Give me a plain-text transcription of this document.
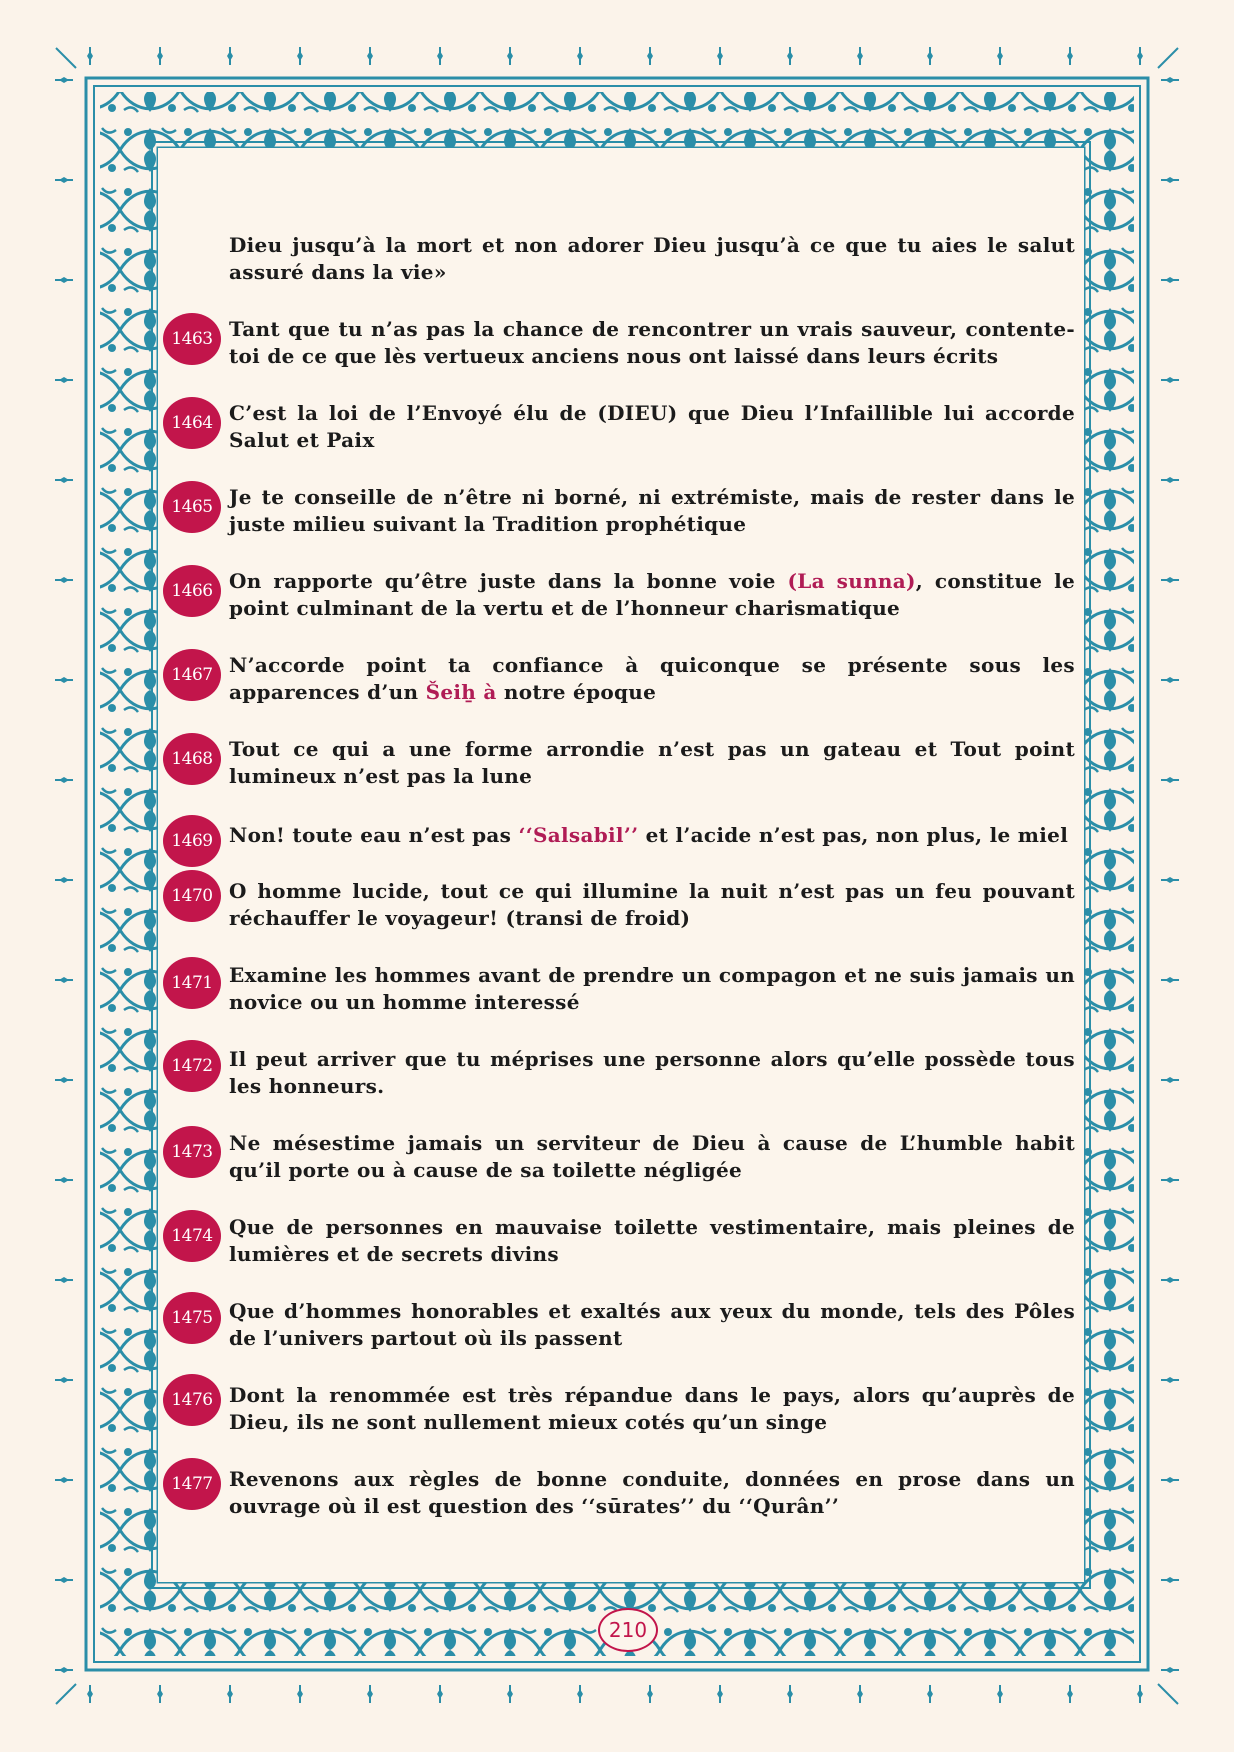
Dieu jusqu’à la mort et non adorer Dieu jusqu’à ce que tu aies le salut assuré dans la vie»
Tant que tu n’as pas la chance de rencontrer un vrais sauveur, contente-toi de ce que lès vertueux anciens nous ont laissé dans leurs écrits
C’est la loi de l’Envoyé élu de (DIEU) que Dieu l’Infaillible lui accorde Salut et Paix
Je te conseille de n’être ni borné, ni extrémiste, mais de rester dans le juste milieu suivant la Tradition prophétique
On rapporte qu’être juste dans la bonne voie (La sunna), constitue le point culminant de la vertu et de l’honneur charismatique
N’accorde point ta confiance à quiconque se présente sous les apparences d’un Šeiẖ à notre époque
Tout ce qui a une forme arrondie n’est pas un gateau et Tout point lumineux n’est pas la lune
Non! toute eau n’est pas ‘‘Salsabil’’ et l’acide n’est pas, non plus, le miel
O homme lucide, tout ce qui illumine la nuit n’est pas un feu pouvant réchauffer le voyageur! (transi de froid)
Examine les hommes avant de prendre un compagon et ne suis jamais un novice ou un homme interessé
Il peut arriver que tu méprises une personne alors qu’elle possède tous les honneurs.
Ne mésestime jamais un serviteur de Dieu à cause de L’humble habit qu’il porte ou à cause de sa toilette négligée
Que de personnes en mauvaise toilette vestimentaire, mais pleines de lumières et de secrets divins
Que d’hommes honorables et exaltés aux yeux du monde, tels des Pôles de l’univers partout où ils passent
Dont la renommée est très répandue dans le pays, alors qu’auprès de Dieu, ils ne sont nullement mieux cotés qu’un singe
Revenons aux règles de bonne conduite, données en prose dans un ouvrage où il est question des ‘‘sūrates’’ du ‘‘Qurân’’
1463
1464
1465
1466
1467
1468
1469
1470
1471
1472
1473
1474
1475
1476
1477
210
